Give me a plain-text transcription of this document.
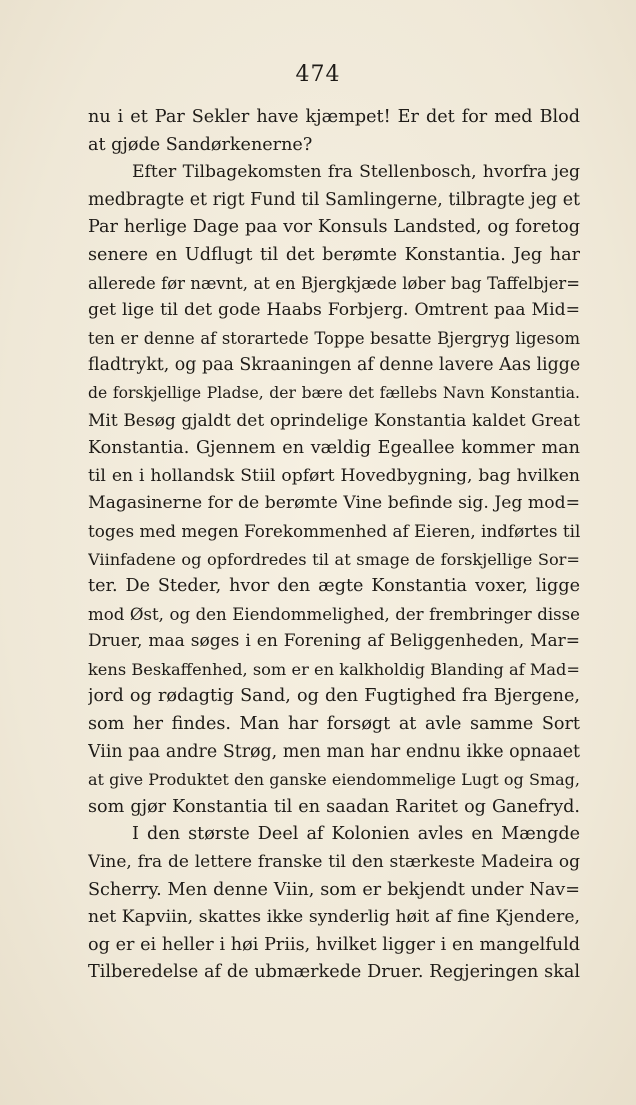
474
nu i et Par Sekler have kjæmpet! Er det for med Blod
at gjøde Sandørkenerne?
Efter Tilbagekomsten fra Stellenbosch, hvorfra jeg
medbragte et rigt Fund til Samlingerne, tilbragte jeg et
Par herlige Dage paa vor Konsuls Landsted, og foretog
senere en Udflugt til det berømte Konstantia. Jeg har
allerede før nævnt, at en Bjergkjæde løber bag Taffelbjer=
get lige til det gode Haabs Forbjerg. Omtrent paa Mid=
ten er denne af storartede Toppe besatte Bjergryg ligesom
fladtrykt, og paa Skraaningen af denne lavere Aas ligge
de forskjellige Pladse, der bære det fællebs Navn Konstantia.
Mit Besøg gjaldt det oprindelige Konstantia kaldet Great
Konstantia. Gjennem en vældig Egeallee kommer man
til en i hollandsk Stiil opført Hovedbygning, bag hvilken
Magasinerne for de berømte Vine befinde sig. Jeg mod=
toges med megen Forekommenhed af Eieren, indførtes til
Viinfadene og opfordredes til at smage de forskjellige Sor=
ter. De Steder, hvor den ægte Konstantia voxer, ligge
mod Øst, og den Eiendommelighed, der frembringer disse
Druer, maa søges i en Forening af Beliggenheden, Mar=
kens Beskaffenhed, som er en kalkholdig Blanding af Mad=
jord og rødagtig Sand, og den Fugtighed fra Bjergene,
som her findes. Man har forsøgt at avle samme Sort
Viin paa andre Strøg, men man har endnu ikke opnaaet
at give Produktet den ganske eiendommelige Lugt og Smag,
som gjør Konstantia til en saadan Raritet og Ganefryd.
I den største Deel af Kolonien avles en Mængde
Vine, fra de lettere franske til den stærkeste Madeira og
Scherry. Men denne Viin, som er bekjendt under Nav=
net Kapviin, skattes ikke synderlig høit af fine Kjendere,
og er ei heller i høi Priis, hvilket ligger i en mangelfuld
Tilberedelse af de ubmærkede Druer. Regjeringen skal
